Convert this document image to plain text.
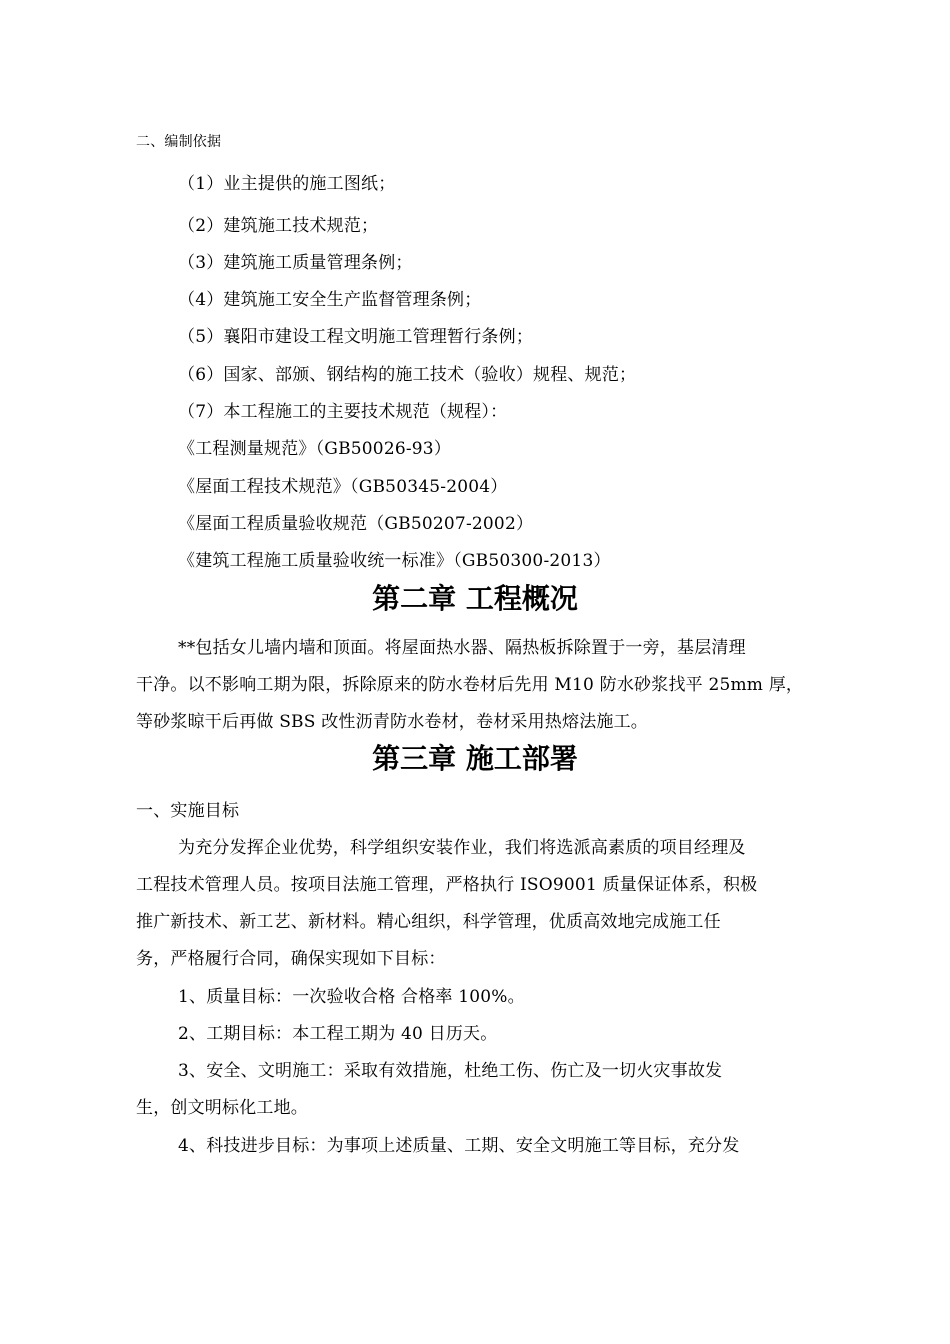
二、编制依据
（1）业主提供的施工图纸；
（2）建筑施工技术规范；
（3）建筑施工质量管理条例；
（4）建筑施工安全生产监督管理条例；
（5）襄阳市建设工程文明施工管理暂行条例；
（6）国家、部颁、钢结构的施工技术（验收）规程、规范；
（7）本工程施工的主要技术规范（规程）：
《工程测量规范》（GB50026-93）
《屋面工程技术规范》（GB50345-2004）
《屋面工程质量验收规范（GB50207-2002）
《建筑工程施工质量验收统一标准》（GB50300-2013）
第二章 工程概况
**包括女儿墙内墙和顶面。将屋面热水器、隔热板拆除置于一旁，基层清理
干净。以不影响工期为限，拆除原来的防水卷材后先用 M10 防水砂浆找平 25mm 厚，
等砂浆晾干后再做 SBS 改性沥青防水卷材，卷材采用热熔法施工。
第三章 施工部署
一、实施目标
为充分发挥企业优势，科学组织安装作业，我们将选派高素质的项目经理及
工程技术管理人员。按项目法施工管理，严格执行 ISO9001 质量保证体系，积极
推广新技术、新工艺、新材料。精心组织，科学管理，优质高效地完成施工任
务，严格履行合同，确保实现如下目标：
1、质量目标：一次验收合格 合格率 100%。
2、工期目标：本工程工期为 40 日历天。
3、安全、文明施工：采取有效措施，杜绝工伤、伤亡及一切火灾事故发
生，创文明标化工地。
4、科技进步目标：为事项上述质量、工期、安全文明施工等目标，充分发
